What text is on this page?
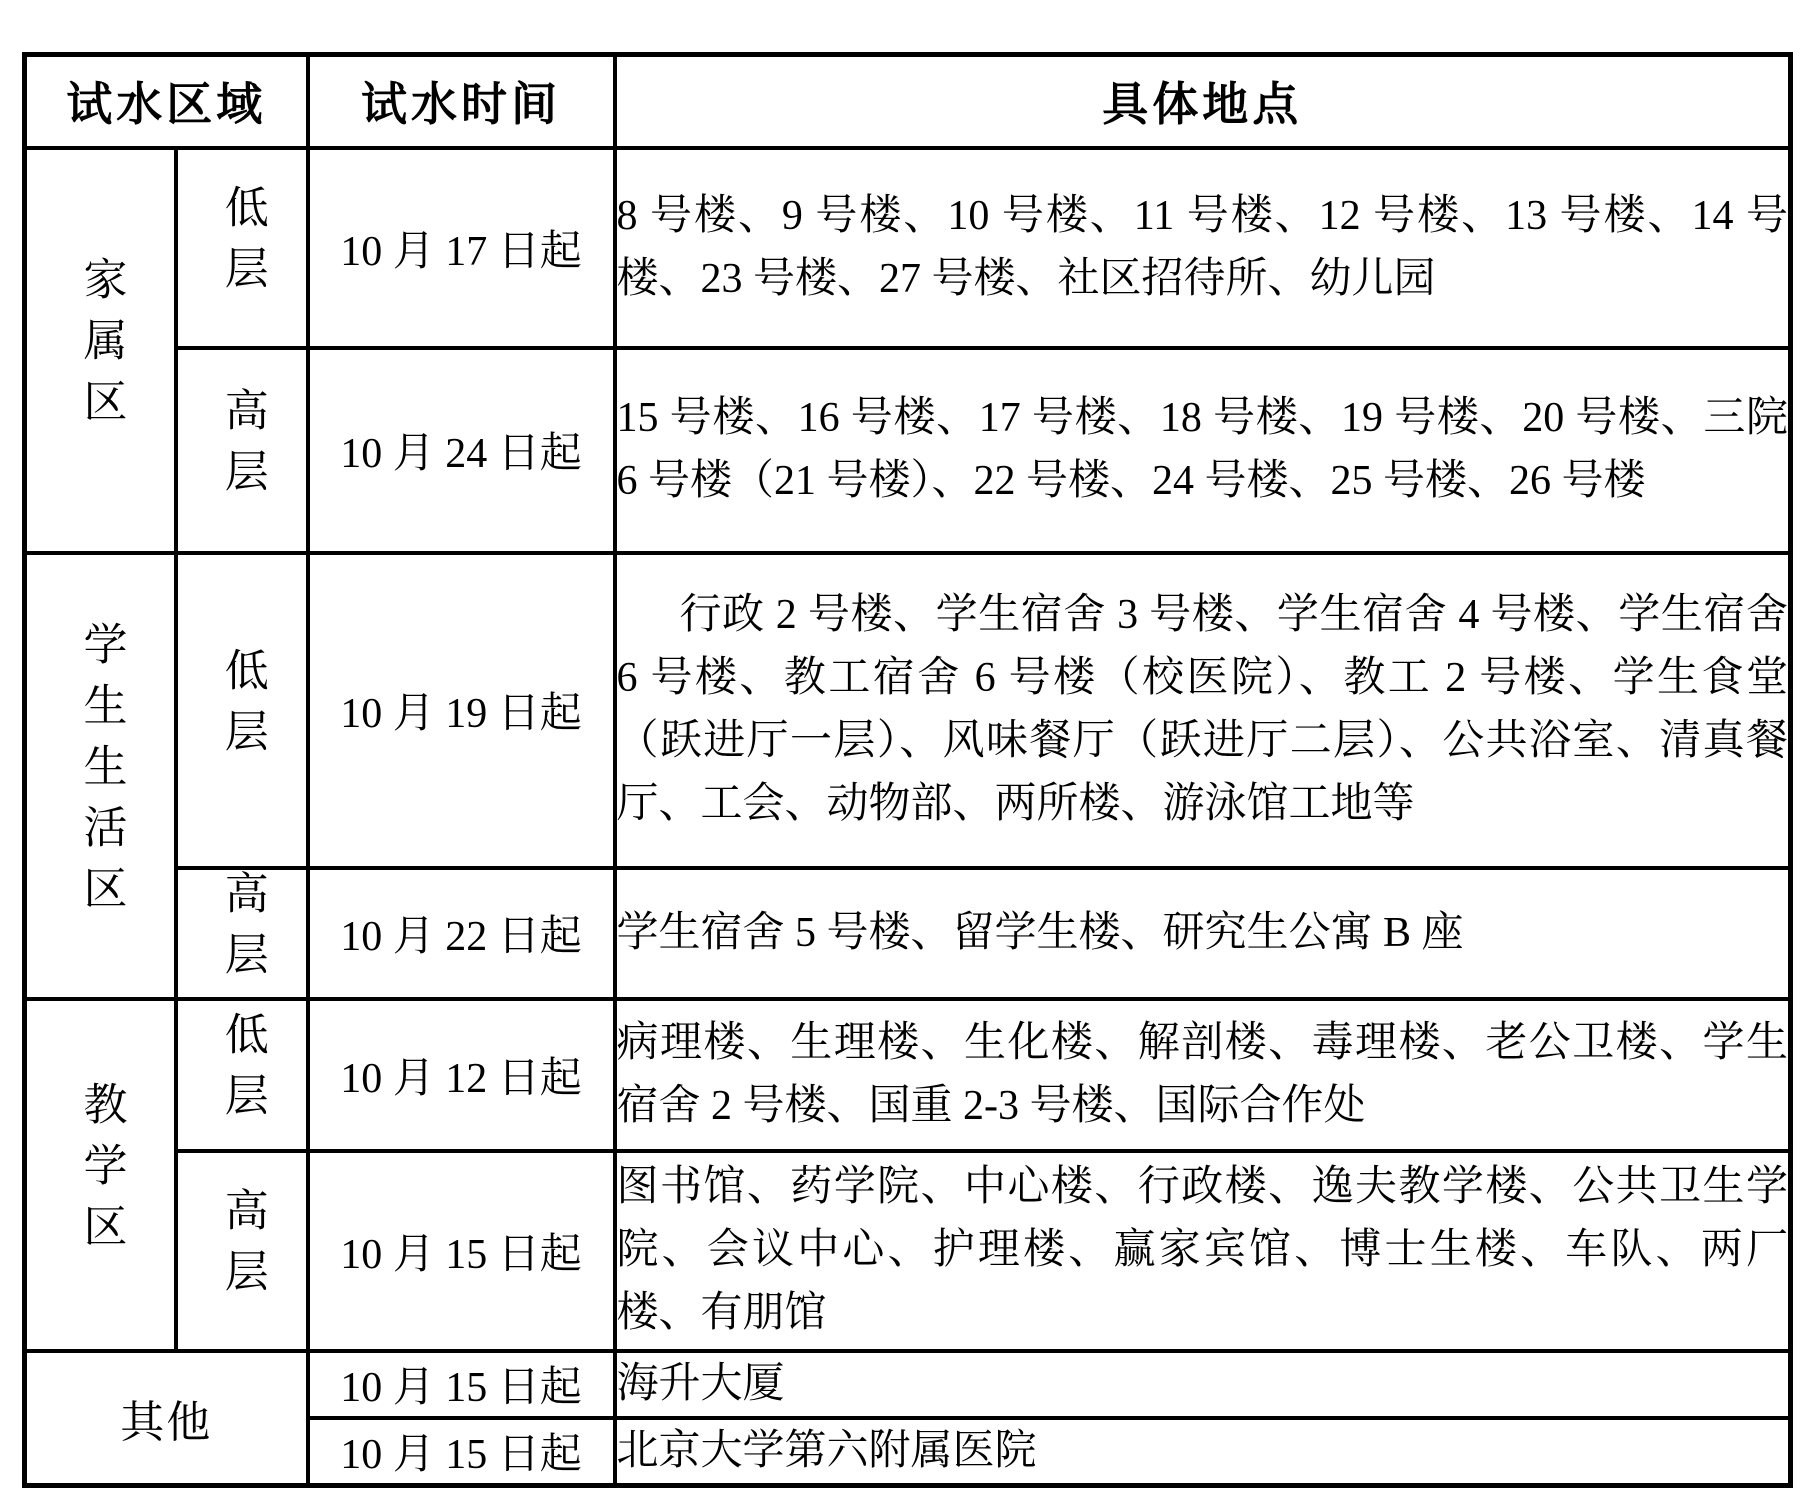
试水区域		试水时间	具体地点
家属区	低层	10 月 17 日起	8 号楼、9 号楼、10 号楼、11 号楼、12 号楼、13 号楼、14 号楼、23 号楼、27 号楼、社区招待所、幼儿园
	高层	10 月 24 日起	15 号楼、16 号楼、17 号楼、18 号楼、19 号楼、20 号楼、三院 6 号楼（21 号楼）、22 号楼、24 号楼、25 号楼、26 号楼
学生生活区	低层	10 月 19 日起	行政 2 号楼、学生宿舍 3 号楼、学生宿舍 4 号楼、学生宿舍 6 号楼、教工宿舍 6 号楼（校医院）、教工 2 号楼、学生食堂（跃进厅一层）、风味餐厅（跃进厅二层）、公共浴室、清真餐厅、工会、动物部、两所楼、游泳馆工地等
	高层	10 月 22 日起	学生宿舍 5 号楼、留学生楼、研究生公寓 B 座
教学区	低层	10 月 12 日起	病理楼、生理楼、生化楼、解剖楼、毒理楼、老公卫楼、学生宿舍 2 号楼、国重 2-3 号楼、国际合作处
	高层	10 月 15 日起	图书馆、药学院、中心楼、行政楼、逸夫教学楼、公共卫生学院、会议中心、护理楼、赢家宾馆、博士生楼、车队、两厂楼、有朋馆
其他		10 月 15 日起	海升大厦
		10 月 15 日起	北京大学第六附属医院
